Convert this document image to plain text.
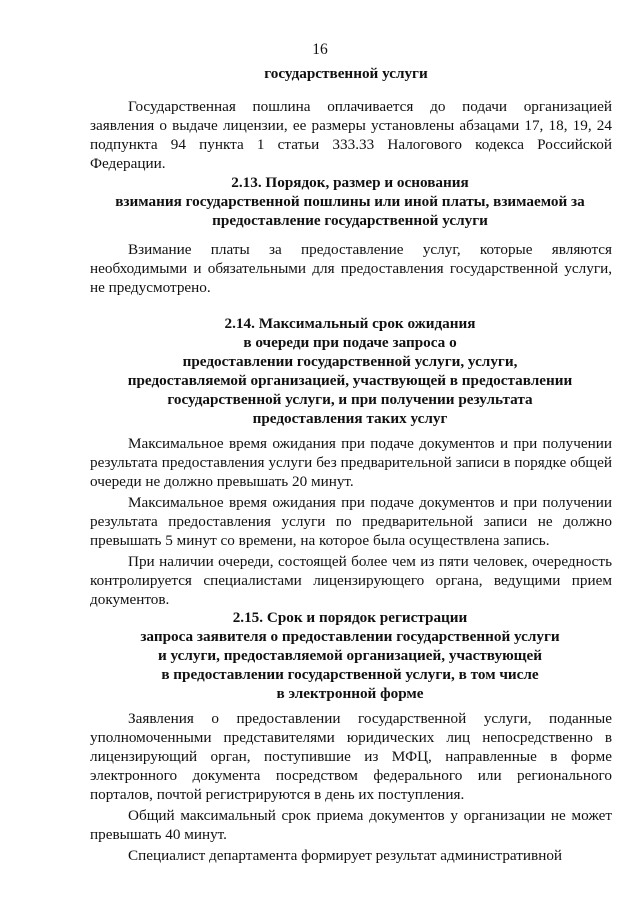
16
государственной услуги

Государственная пошлина оплачивается до подачи организацией заявления о выдаче лицензии, ее размеры установлены абзацами 17, 18, 19, 24 подпункта 94 пункта 1 статьи 333.33 Налогового кодекса Российской Федерации.

2.13. Порядок, размер и основания
взимания государственной пошлины или иной платы, взимаемой за
предоставление государственной услуги

Взимание платы за предоставление услуг, которые являются необходимыми и обязательными для предоставления государственной услуги, не предусмотрено.

2.14. Максимальный срок ожидания
в очереди при подаче запроса о
предоставлении государственной услуги, услуги,
предоставляемой организацией, участвующей в предоставлении
государственной услуги, и при получении результата
предоставления таких услуг

Максимальное время ожидания при подаче документов и при получении результата предоставления услуги без предварительной записи в порядке общей очереди не должно превышать 20 минут.

Максимальное время ожидания при подаче документов и при получении результата предоставления услуги по предварительной записи не должно превышать 5 минут со времени, на которое была осуществлена запись.

При наличии очереди, состоящей более чем из пяти человек, очередность контролируется специалистами лицензирующего органа, ведущими прием документов.

2.15. Срок и порядок регистрации
запроса заявителя о предоставлении государственной услуги
и услуги, предоставляемой организацией, участвующей
в предоставлении государственной услуги, в том числе
в электронной форме

Заявления о предоставлении государственной услуги, поданные уполномоченными представителями юридических лиц непосредственно в лицензирующий орган, поступившие из МФЦ, направленные в форме электронного документа посредством федерального или регионального порталов, почтой регистрируются в день их поступления.

Общий максимальный срок приема документов у организации не может превышать 40 минут.

Специалист департамента формирует результат административной
